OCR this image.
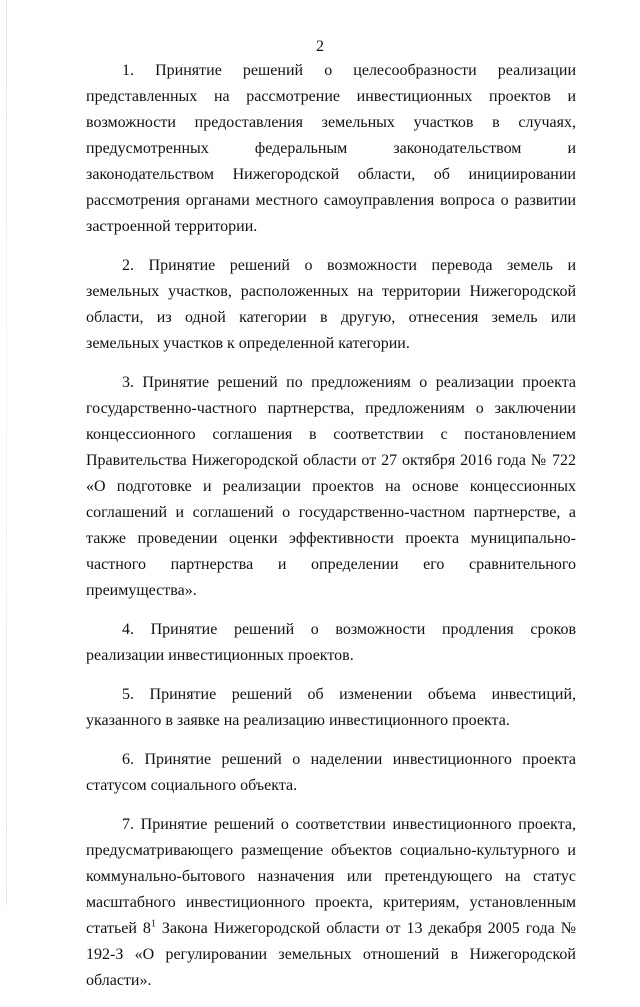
2

1. Принятие решений о целесообразности реализации представленных на рассмотрение инвестиционных проектов и возможности предоставления земельных участков в случаях, предусмотренных федеральным законодательством и законодательством Нижегородской области, об инициировании рассмотрения органами местного самоуправления вопроса о развитии застроенной территории.

2. Принятие решений о возможности перевода земель и земельных участков, расположенных на территории Нижегородской области, из одной категории в другую, отнесения земель или земельных участков к определенной категории.

3. Принятие решений по предложениям о реализации проекта государственно-частного партнерства, предложениям о заключении концессионного соглашения в соответствии с постановлением Правительства Нижегородской области от 27 октября 2016 года № 722 «О подготовке и реализации проектов на основе концессионных соглашений и соглашений о государственно-частном партнерстве, а также проведении оценки эффективности проекта муниципально-частного партнерства и определении его сравнительного преимущества».

4. Принятие решений о возможности продления сроков реализации инвестиционных проектов.

5. Принятие решений об изменении объема инвестиций, указанного в заявке на реализацию инвестиционного проекта.

6. Принятие решений о наделении инвестиционного проекта статусом социального объекта.

7. Принятие решений о соответствии инвестиционного проекта, предусматривающего размещение объектов социально-культурного и коммунально-бытового назначения или претендующего на статус масштабного инвестиционного проекта, критериям, установленным статьей $8^1$ Закона Нижегородской области от 13 декабря 2005 года № 192-З «О регулировании земельных отношений в Нижегородской области».
